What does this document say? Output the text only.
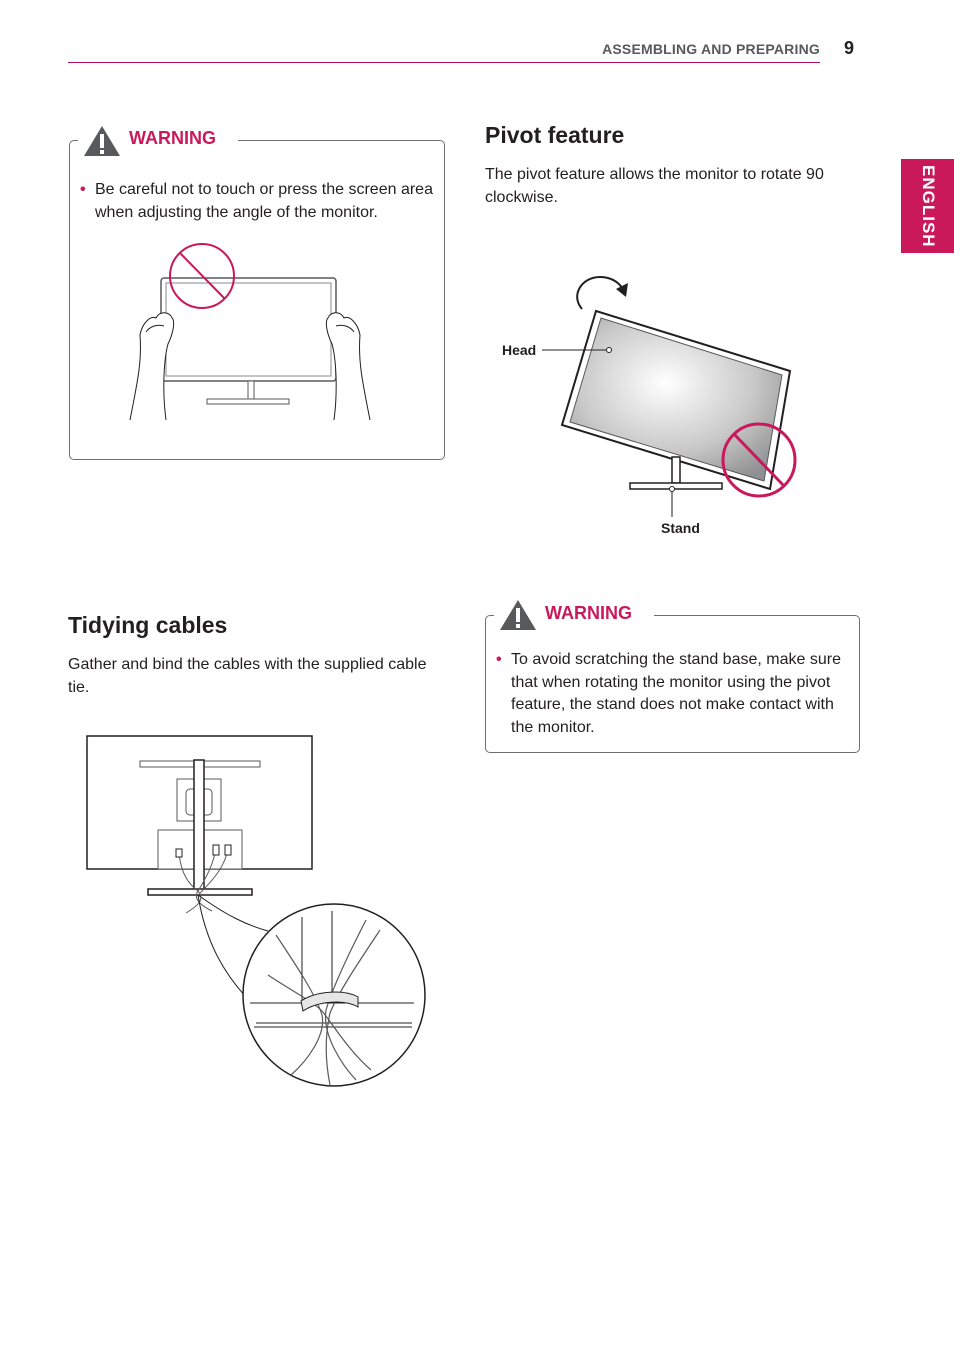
ASSEMBLING AND PREPARING 9
ENGLISH
WARNING
• Be careful not to touch or press the screen area when adjusting the angle of the monitor.
Pivot feature
The pivot feature allows the monitor to rotate 90 clockwise.
Head
Stand
Tidying cables
Gather and bind the cables with the supplied cable tie.
WARNING
• To avoid scratching the stand base, make sure that when rotating the monitor using the pivot feature, the stand does not make contact with the monitor.
